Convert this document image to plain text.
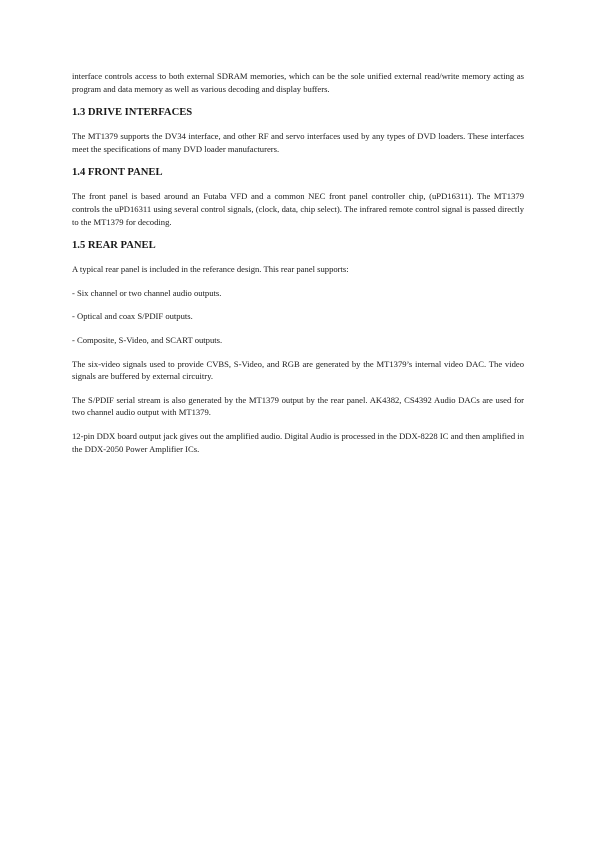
interface controls access to both external SDRAM memories, which can be the sole unified external read/write memory acting as program and data memory as well as various decoding and display buffers.

1.3 DRIVE INTERFACES

The MT1379 supports the DV34 interface, and other RF and servo interfaces used by any types of DVD loaders. These interfaces meet the specifications of many DVD loader manufacturers.

1.4 FRONT PANEL

The front panel is based around an Futaba VFD and a common NEC front panel controller chip, (uPD16311). The MT1379 controls the uPD16311 using several control signals, (clock, data, chip select). The infrared remote control signal is passed directly to the MT1379 for decoding.

1.5 REAR PANEL

A typical rear panel is included in the referance design. This rear panel supports:

- Six channel or two channel audio outputs.

- Optical and coax S/PDIF outputs.

- Composite, S-Video, and SCART outputs.

The six-video signals used to provide CVBS, S-Video, and RGB are generated by the MT1379’s internal video DAC. The video signals are buffered by external circuitry.

The S/PDIF serial stream is also generated by the MT1379 output by the rear panel. AK4382, CS4392 Audio DACs are used for two channel audio output with MT1379.

12-pin DDX board output jack gives out the amplified audio. Digital Audio is processed in the DDX-8228 IC and then amplified in the DDX-2050 Power Amplifier ICs.
